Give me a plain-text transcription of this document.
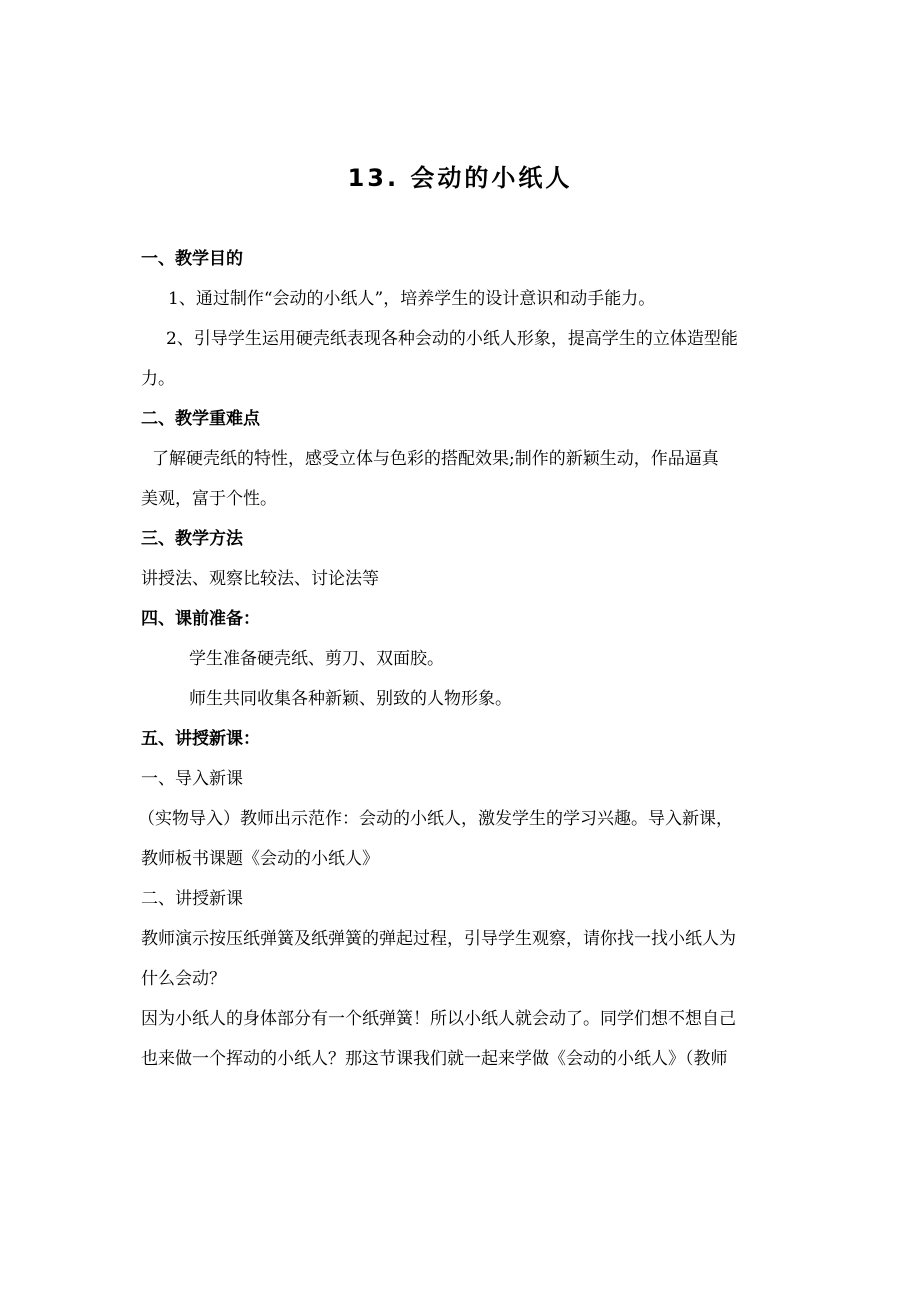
13. 会动的小纸人
一、教学目的
1、通过制作“会动的小纸人”，培养学生的设计意识和动手能力。
2、引导学生运用硬壳纸表现各种会动的小纸人形象，提高学生的立体造型能
力。
二、教学重难点
了解硬壳纸的特性，感受立体与色彩的搭配效果;制作的新颖生动，作品逼真
美观，富于个性。
三、教学方法
讲授法、观察比较法、讨论法等
四、课前准备：
学生准备硬壳纸、剪刀、双面胶。
师生共同收集各种新颖、别致的人物形象。
五、讲授新课：
一、导入新课
（实物导入）教师出示范作：会动的小纸人，激发学生的学习兴趣。导入新课，
教师板书课题《会动的小纸人》
二、讲授新课
教师演示按压纸弹簧及纸弹簧的弹起过程，引导学生观察，请你找一找小纸人为
什么会动？
因为小纸人的身体部分有一个纸弹簧！所以小纸人就会动了。同学们想不想自己
也来做一个挥动的小纸人？那这节课我们就一起来学做《会动的小纸人》（教师
